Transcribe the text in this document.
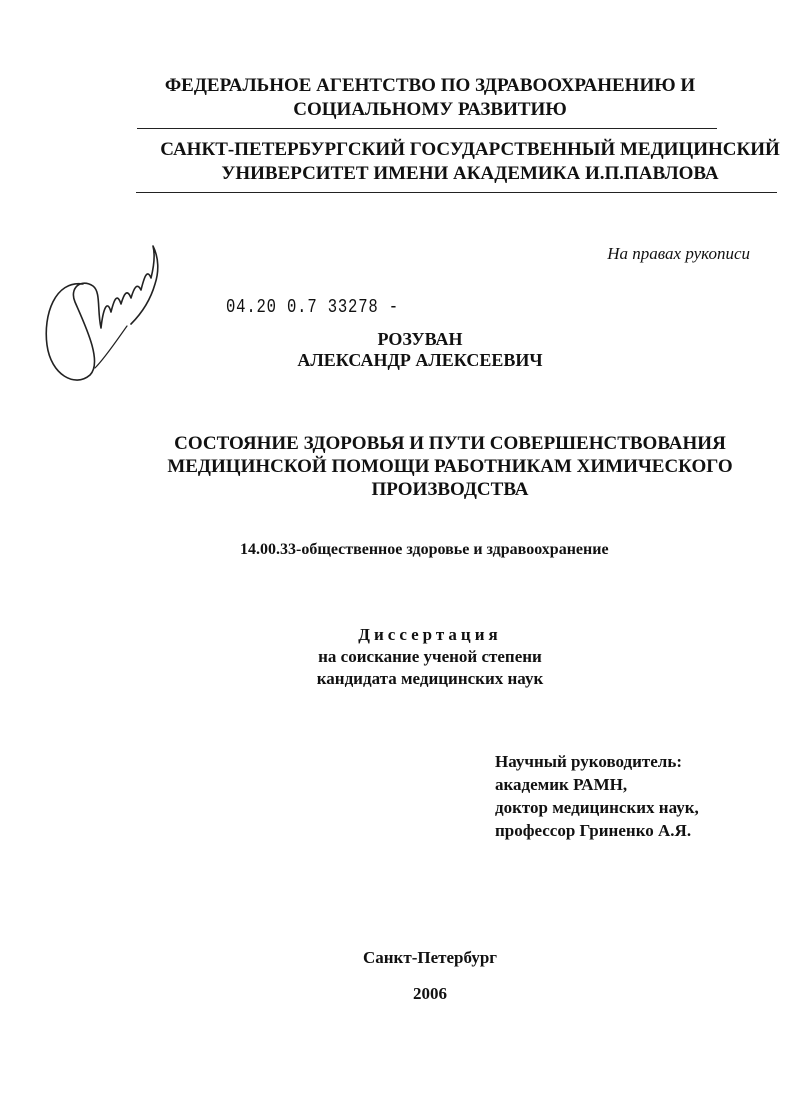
ФЕДЕРАЛЬНОЕ АГЕНТСТВО ПО ЗДРАВООХРАНЕНИЮ И
СОЦИАЛЬНОМУ РАЗВИТИЮ
САНКТ-ПЕТЕРБУРГСКИЙ ГОСУДАРСТВЕННЫЙ МЕДИЦИНСКИЙ
УНИВЕРСИТЕТ ИМЕНИ АКАДЕМИКА И.П.ПАВЛОВА
На правах рукописи
04.20 0.7 33278 -
РОЗУВАН
АЛЕКСАНДР АЛЕКСЕЕВИЧ
СОСТОЯНИЕ ЗДОРОВЬЯ И ПУТИ СОВЕРШЕНСТВОВАНИЯ
МЕДИЦИНСКОЙ ПОМОЩИ РАБОТНИКАМ ХИМИЧЕСКОГО
ПРОИЗВОДСТВА
14.00.33-общественное здоровье и здравоохранение
Диссертация
на соискание ученой степени
кандидата медицинских наук
Научный руководитель:
академик РАМН,
доктор медицинских наук,
профессор Гриненко А.Я.
Санкт-Петербург
2006
